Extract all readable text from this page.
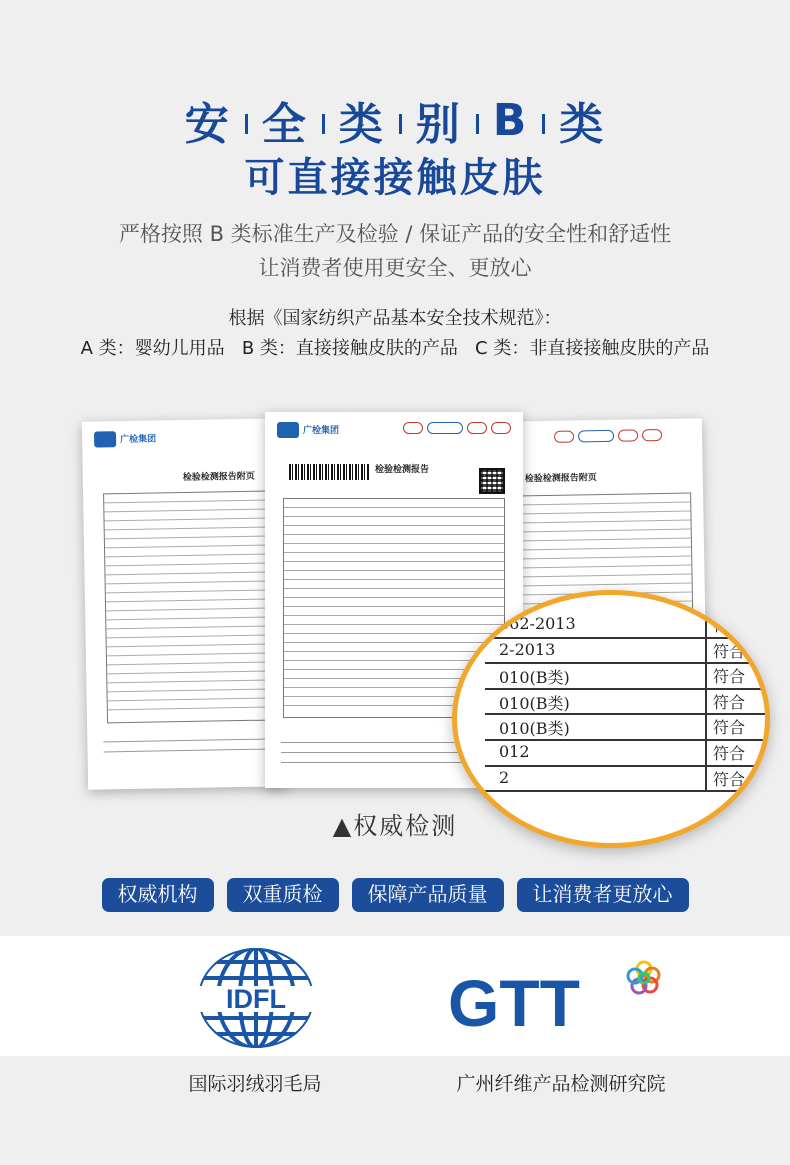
安 全 类 别 B 类
可直接接触皮肤
严格按照 B 类标准生产及检验 / 保证产品的安全性和舒适性
让消费者使用更安全、更放心
根据《国家纺织产品基本安全技术规范》：
A 类：婴幼儿用品   B 类：直接接触皮肤的产品   C 类：非直接接触皮肤的产品
广检集团
检验检测报告附页	检验检测报告附页
广检集团
检验检测报告
862-2013	符合
2-2013	符合
010(B类)	符合
010(B类)	符合
010(B类)	符合
012	符合
2	符合
▲权威检测
权威机构	双重质检	保障产品质量	让消费者更放心
IDFL GTT
国际羽绒羽毛局	广州纤维产品检测研究院
